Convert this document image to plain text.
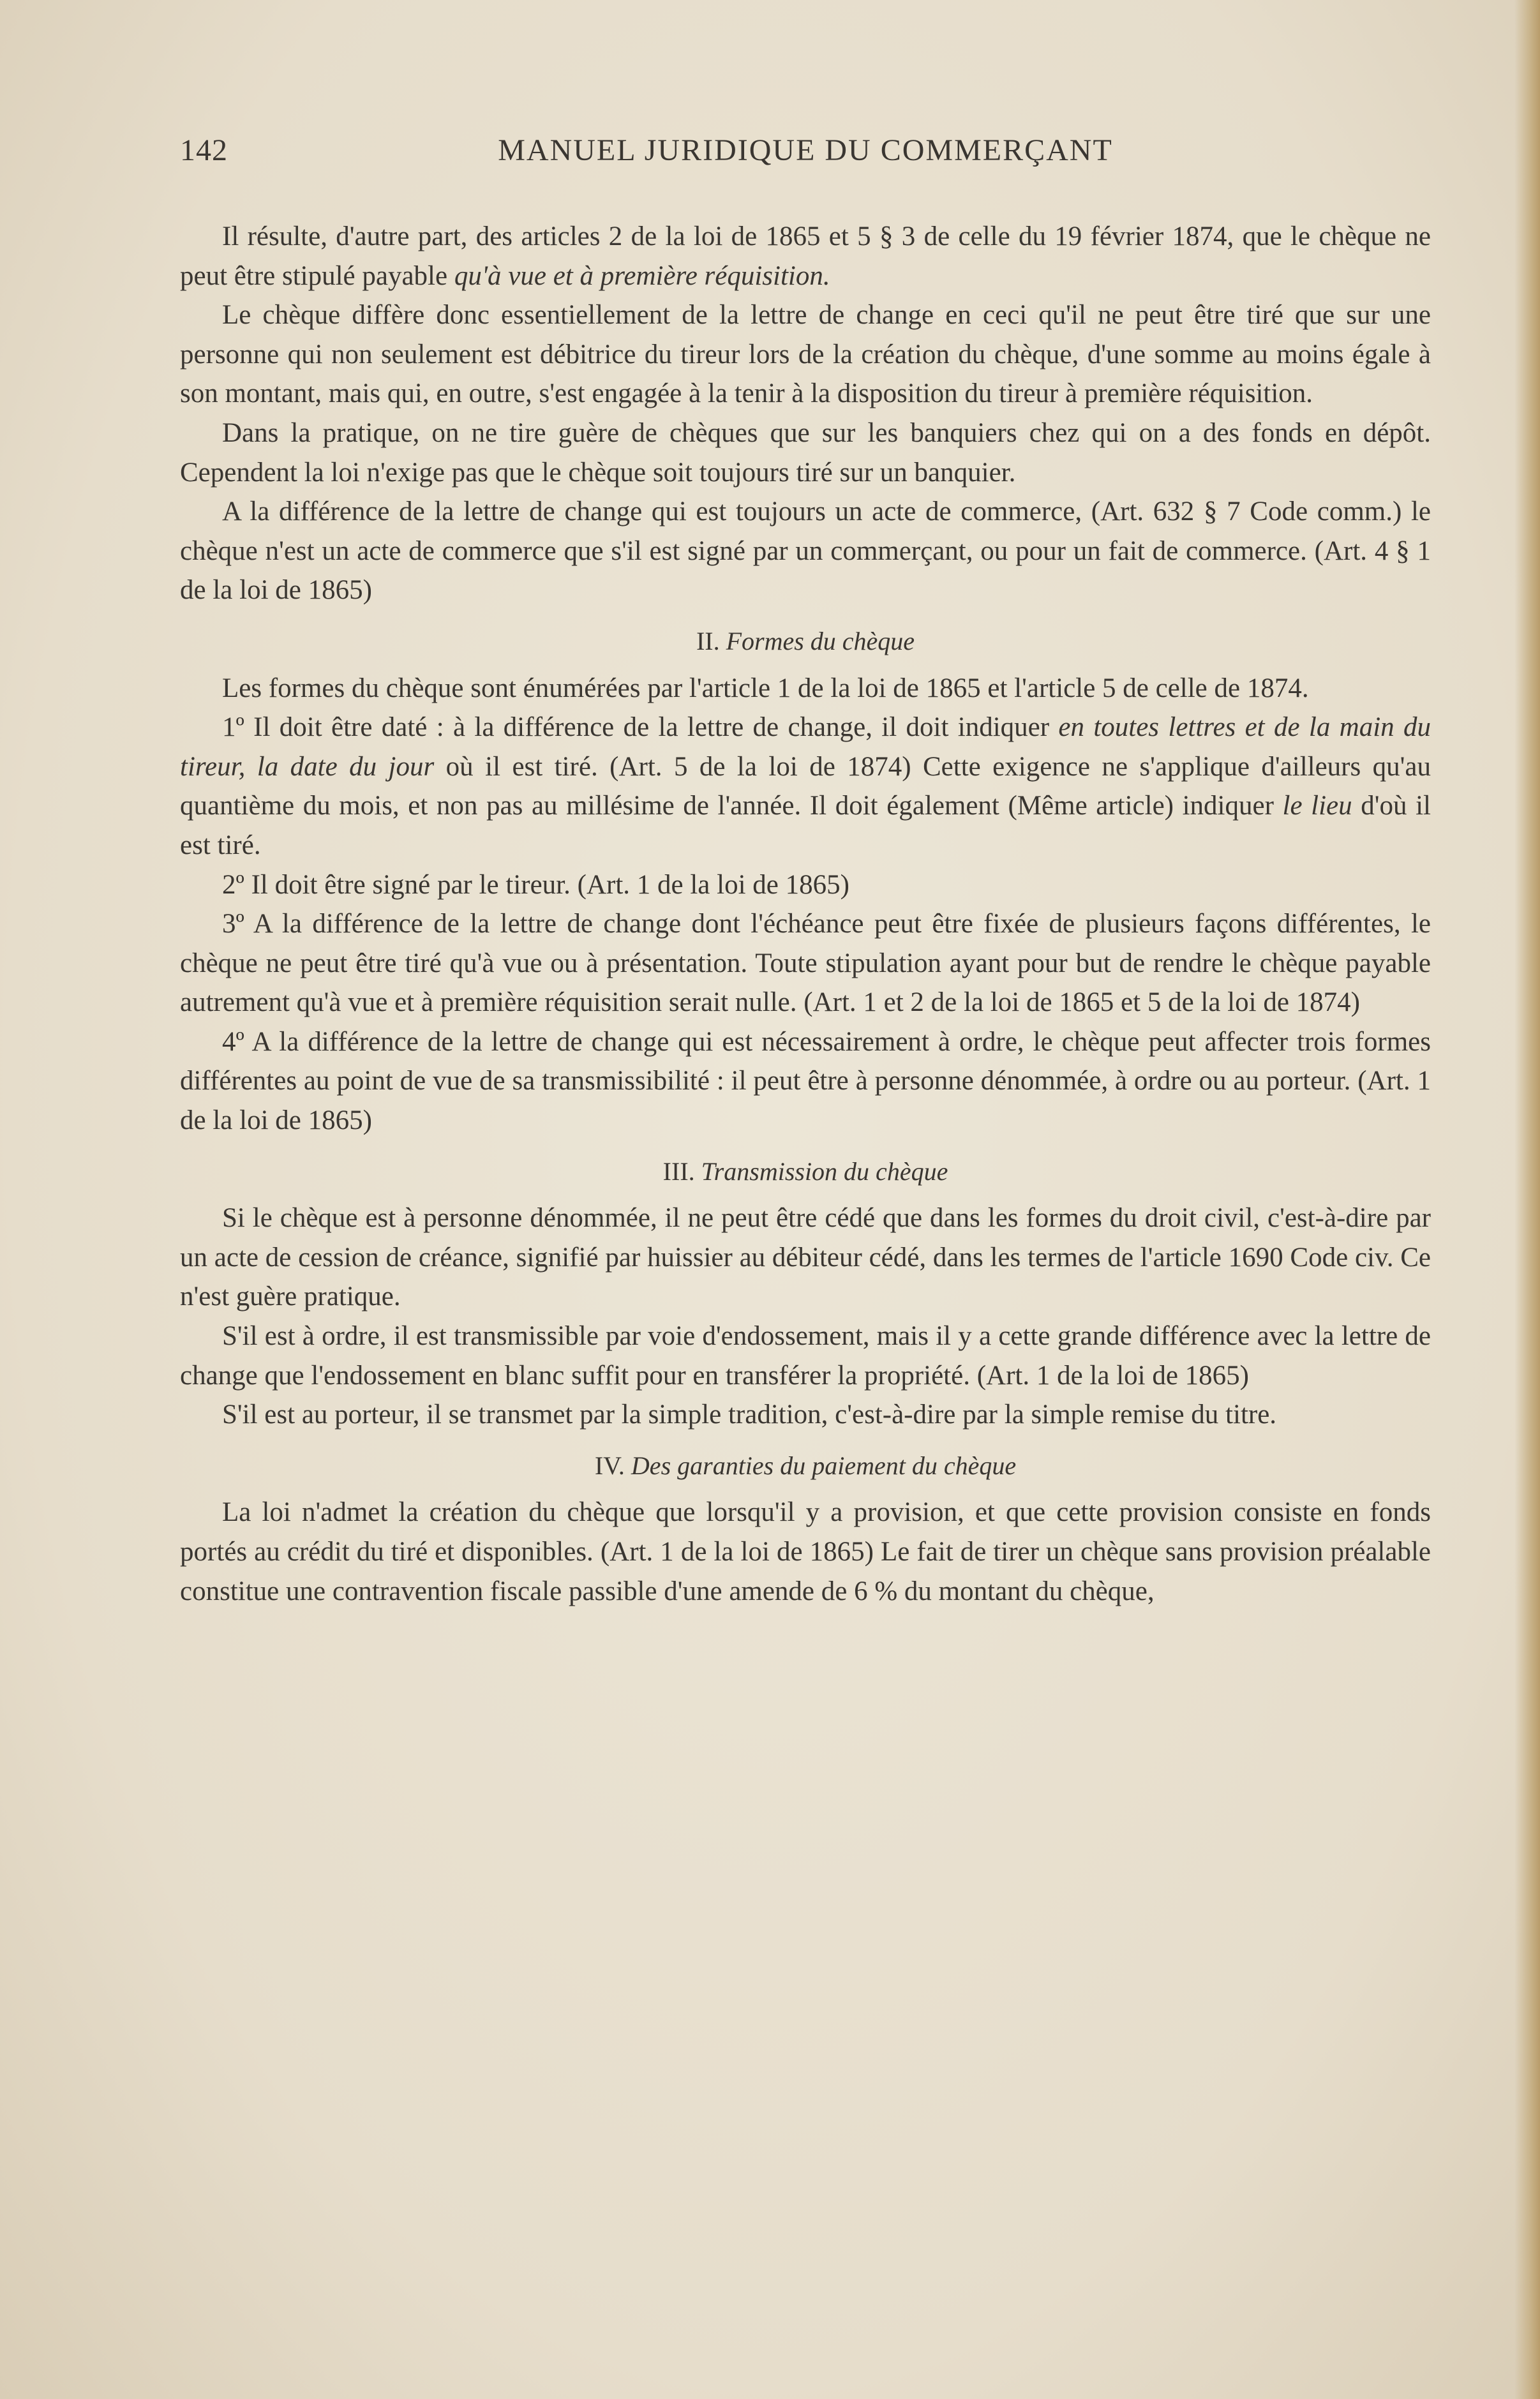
142	MANUEL JURIDIQUE DU COMMERÇANT

Il résulte, d'autre part, des articles 2 de la loi de 1865 et 5 § 3 de celle du 19 février 1874, que le chèque ne peut être stipulé payable qu'à vue et à première réquisition.

Le chèque diffère donc essentiellement de la lettre de change en ceci qu'il ne peut être tiré que sur une personne qui non seulement est débitrice du tireur lors de la création du chèque, d'une somme au moins égale à son montant, mais qui, en outre, s'est engagée à la tenir à la disposition du tireur à première réquisition.

Dans la pratique, on ne tire guère de chèques que sur les banquiers chez qui on a des fonds en dépôt. Cependent la loi n'exige pas que le chèque soit toujours tiré sur un banquier.

A la différence de la lettre de change qui est toujours un acte de commerce, (Art. 632 § 7 Code comm.) le chèque n'est un acte de commerce que s'il est signé par un commerçant, ou pour un fait de commerce. (Art. 4 § 1 de la loi de 1865)

II. Formes du chèque

Les formes du chèque sont énumérées par l'article 1 de la loi de 1865 et l'article 5 de celle de 1874.

1º Il doit être daté : à la différence de la lettre de change, il doit indiquer en toutes lettres et de la main du tireur, la date du jour où il est tiré. (Art. 5 de la loi de 1874) Cette exigence ne s'applique d'ailleurs qu'au quantième du mois, et non pas au millésime de l'année. Il doit également (Même article) indiquer le lieu d'où il est tiré.

2º Il doit être signé par le tireur. (Art. 1 de la loi de 1865)

3º A la différence de la lettre de change dont l'échéance peut être fixée de plusieurs façons différentes, le chèque ne peut être tiré qu'à vue ou à présentation. Toute stipulation ayant pour but de rendre le chèque payable autrement qu'à vue et à première réquisition serait nulle. (Art. 1 et 2 de la loi de 1865 et 5 de la loi de 1874)

4º A la différence de la lettre de change qui est nécessairement à ordre, le chèque peut affecter trois formes différentes au point de vue de sa transmissibilité : il peut être à personne dénommée, à ordre ou au porteur. (Art. 1 de la loi de 1865)

III. Transmission du chèque

Si le chèque est à personne dénommée, il ne peut être cédé que dans les formes du droit civil, c'est-à-dire par un acte de cession de créance, signifié par huissier au débiteur cédé, dans les termes de l'article 1690 Code civ. Ce n'est guère pratique.

S'il est à ordre, il est transmissible par voie d'endossement, mais il y a cette grande différence avec la lettre de change que l'endossement en blanc suffit pour en transférer la propriété. (Art. 1 de la loi de 1865)

S'il est au porteur, il se transmet par la simple tradition, c'est-à-dire par la simple remise du titre.

IV. Des garanties du paiement du chèque

La loi n'admet la création du chèque que lorsqu'il y a provision, et que cette provision consiste en fonds portés au crédit du tiré et disponibles. (Art. 1 de la loi de 1865) Le fait de tirer un chèque sans provision préalable constitue une contravention fiscale passible d'une amende de 6 % du montant du chèque,
